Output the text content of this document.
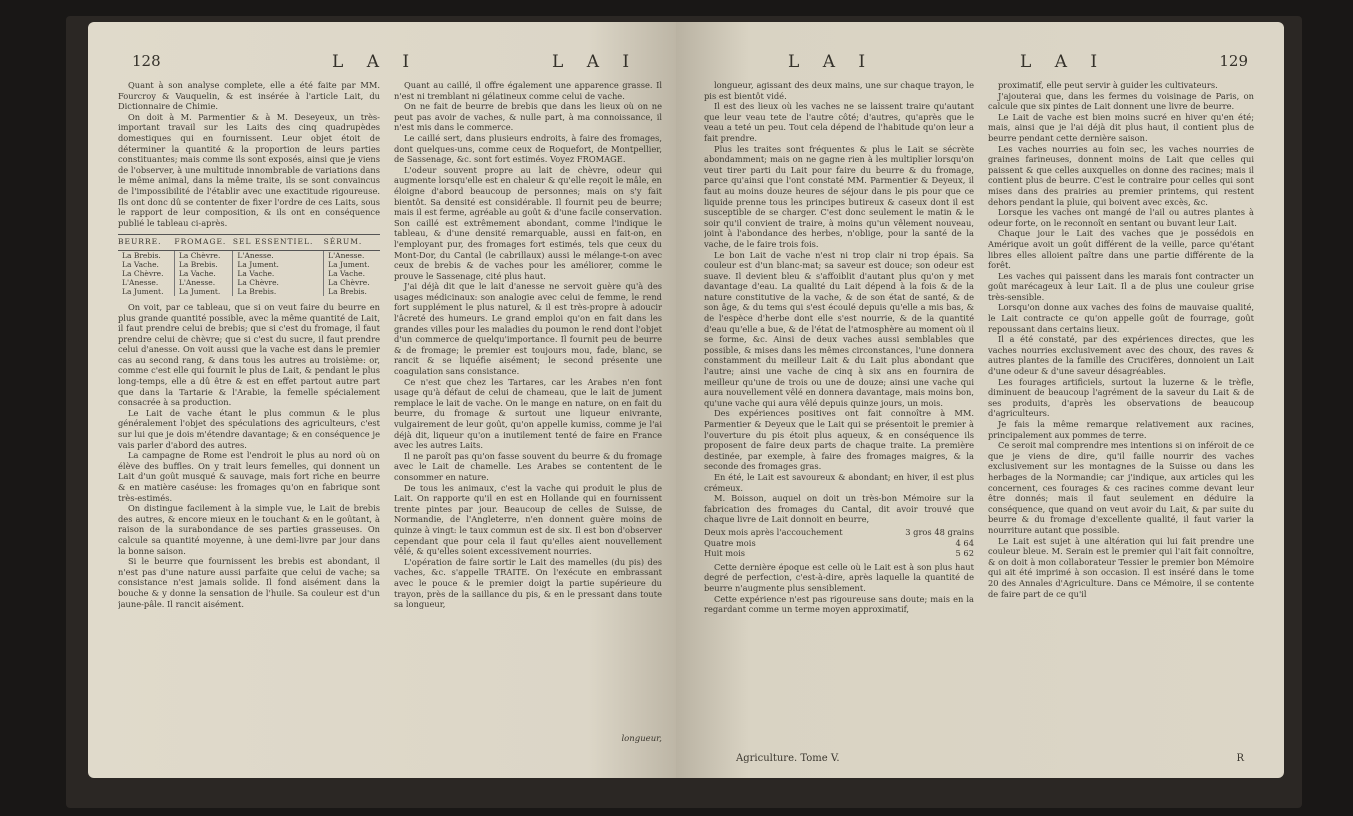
128	L A I	L A I

Quant à son analyse complete, elle a été faite par MM. Fourcroy & Vauquelin, & est insérée à l'article Lait, du Dictionnaire de Chimie.

On doit à M. Parmentier & à M. Deseyeux, un très-important travail sur les Laits des cinq quadrupèdes domestiques qui en fournissent. Leur objet étoit de déterminer la quantité & la proportion de leurs parties constituantes; mais comme ils sont exposés, ainsi que je viens de l'observer, à une multitude innombrable de variations dans le même animal, dans la même traite, ils se sont convaincus de l'impossibilité de l'établir avec une exactitude rigoureuse. Ils ont donc dû se contenter de fixer l'ordre de ces Laits, sous le rapport de leur composition, & ils ont en conséquence publié le tableau ci-après.

BEURRE.	FROMAGE.	SEL ESSENTIEL.	SÉRUM.
La Brebis.	La Chèvre.	L'Anesse.	L'Anesse.
La Vache.	La Brebis.	La Jument.	La Jument.
La Chèvre.	La Vache.	La Vache.	La Vache.
L'Anesse.	L'Anesse.	La Chèvre.	La Chèvre.
La Jument.	La Jument.	La Brebis.	La Brebis.

On voit, par ce tableau, que si on veut faire du beurre en plus grande quantité possible, avec la même quantité de Lait, il faut prendre celui de brebis; que si c'est du fromage, il faut prendre celui de chèvre; que si c'est du sucre, il faut prendre celui d'anesse. On voit aussi que la vache est dans le premier cas au second rang, & dans tous les autres au troisième: or, comme c'est elle qui fournit le plus de Lait, & pendant le plus long-temps, elle a dû être & est en effet partout autre part que dans la Tartarie & l'Arabie, la femelle spécialement consacrée à sa production.

Le Lait de vache étant le plus commun & le plus généralement l'objet des spéculations des agriculteurs, c'est sur lui que je dois m'étendre davantage; & en conséquence je vais parler d'abord des autres.

La campagne de Rome est l'endroit le plus au nord où on élève des buffles. On y trait leurs femelles, qui donnent un Lait d'un goût musqué & sauvage, mais fort riche en beurre & en matière caséuse: les fromages qu'on en fabrique sont très-estimés.

On distingue facilement à la simple vue, le Lait de brebis des autres, & encore mieux en le touchant & en le goûtant, à raison de la surabondance de ses parties grasseuses. On calcule sa quantité moyenne, à une demi-livre par jour dans la bonne saison.

Si le beurre que fournissent les brebis est abondant, il n'est pas d'une nature aussi parfaite que celui de vache; sa consistance n'est jamais solide. Il fond aisément dans la bouche & y donne la sensation de l'huile. Sa couleur est d'un jaune-pâle. Il rancit aisément.

Quant au caillé, il offre également une apparence grasse. Il n'est ni tremblant ni gélatineux comme celui de vache.

On ne fait de beurre de brebis que dans les lieux où on ne peut pas avoir de vaches, & nulle part, à ma connoissance, il n'est mis dans le commerce.

Le caillé sert, dans plusieurs endroits, à faire des fromages, dont quelques-uns, comme ceux de Roquefort, de Montpellier, de Sassenage, &c. sont fort estimés. Voyez FROMAGE.

L'odeur souvent propre au lait de chèvre, odeur qui augmente lorsqu'elle est en chaleur & qu'elle reçoit le mâle, en éloigne d'abord beaucoup de personnes; mais on s'y fait bientôt. Sa densité est considérable. Il fournit peu de beurre; mais il est ferme, agréable au goût & d'une facile conservation. Son caillé est extrêmement abondant, comme l'indique le tableau, & d'une densité remarquable, aussi en fait-on, en l'employant pur, des fromages fort estimés, tels que ceux du Mont-Dor, du Cantal (le cabrillaux) aussi le mélange-t-on avec ceux de brebis & de vaches pour les améliorer, comme le prouve le Sassenage, cité plus haut.

J'ai déjà dit que le lait d'anesse ne servoit guère qu'à des usages médicinaux: son analogie avec celui de femme, le rend fort supplément le plus naturel, & il est très-propre à adoucir l'âcreté des humeurs. Le grand emploi qu'on en fait dans les grandes villes pour les maladies du poumon le rend dont l'objet d'un commerce de quelqu'importance. Il fournit peu de beurre & de fromage; le premier est toujours mou, fade, blanc, se rancit & se liquéfie aisément; le second présente une coagulation sans consistance.

Ce n'est que chez les Tartares, car les Arabes n'en font usage qu'à défaut de celui de chameau, que le lait de jument remplace le lait de vache. On le mange en nature, on en fait du beurre, du fromage & surtout une liqueur enivrante, vulgairement de leur goût, qu'on appelle kumiss, comme je l'ai déjà dit, liqueur qu'on a inutilement tenté de faire en France avec les autres Laits.

Il ne paroît pas qu'on fasse souvent du beurre & du fromage avec le Lait de chamelle. Les Arabes se contentent de le consommer en nature.

De tous les animaux, c'est la vache qui produit le plus de Lait. On rapporte qu'il en est en Hollande qui en fournissent trente pintes par jour. Beaucoup de celles de Suisse, de Normandie, de l'Angleterre, n'en donnent guère moins de quinze à vingt: le taux commun est de six. Il est bon d'observer cependant que pour cela il faut qu'elles aient nouvellement vêlé, & qu'elles soient excessivement nourries.

L'opération de faire sortir le Lait des mamelles (du pis) des vaches, &c. s'appelle TRAITE. On l'exécute en embrassant avec le pouce & le premier doigt la partie supérieure du trayon, près de la saillance du pis, & en le pressant dans toute sa longueur,

longueur,
L A I	L A I	129

longueur, agissant des deux mains, une sur chaque trayon, le pis est bientôt vidé.

Il est des lieux où les vaches ne se laissent traire qu'autant que leur veau tete de l'autre côté; d'autres, qu'après que le veau a teté un peu. Tout cela dépend de l'habitude qu'on leur a fait prendre.

Plus les traites sont fréquentes & plus le Lait se sécrète abondamment; mais on ne gagne rien à les multiplier lorsqu'on veut tirer parti du Lait pour faire du beurre & du fromage, parce qu'ainsi que l'ont constaté MM. Parmentier & Deyeux, il faut au moins douze heures de séjour dans le pis pour que ce liquide prenne tous les principes butireux & caseux dont il est susceptible de se charger. C'est donc seulement le matin & le soir qu'il convient de traire, à moins qu'un vêlement nouveau, joint à l'abondance des herbes, n'oblige, pour la santé de la vache, de le faire trois fois.

Le bon Lait de vache n'est ni trop clair ni trop épais. Sa couleur est d'un blanc-mat; sa saveur est douce; son odeur est suave. Il devient bleu & s'affoiblit d'autant plus qu'on y met davantage d'eau. La qualité du Lait dépend à la fois & de la nature constitutive de la vache, & de son état de santé, & de son âge, & du tems qui s'est écoulé depuis qu'elle a mis bas, & de l'espèce d'herbe dont elle s'est nourrie, & de la quantité d'eau qu'elle a bue, & de l'état de l'atmosphère au moment où il se forme, &c. Ainsi de deux vaches aussi semblables que possible, & mises dans les mêmes circonstances, l'une donnera constamment du meilleur Lait & du Lait plus abondant que l'autre; ainsi une vache de cinq à six ans en fournira de meilleur qu'une de trois ou une de douze; ainsi une vache qui aura nouvellement vêlé en donnera davantage, mais moins bon, qu'une vache qui aura vêlé depuis quinze jours, un mois.

Des expériences positives ont fait connoître à MM. Parmentier & Deyeux que le Lait qui se présentoit le premier à l'ouverture du pis étoit plus aqueux, & en conséquence ils proposent de faire deux parts de chaque traite. La première destinée, par exemple, à faire des fromages maigres, & la seconde des fromages gras.

En été, le Lait est savoureux & abondant; en hiver, il est plus crémeux.

M. Boisson, auquel on doit un très-bon Mémoire sur la fabrication des fromages du Cantal, dit avoir trouvé que chaque livre de Lait donnoit en beurre,

Deux mois après l'accouchement	3 gros 48 grains
Quatre mois	4 64
Huit mois	5 62

Cette dernière époque est celle où le Lait est à son plus haut degré de perfection, c'est-à-dire, après laquelle la quantité de beurre n'augmente plus sensiblement.

Cette expérience n'est pas rigoureuse sans doute; mais en la regardant comme un terme moyen approximatif,

proximatif, elle peut servir à guider les cultivateurs.

J'ajouterai que, dans les fermes du voisinage de Paris, on calcule que six pintes de Lait donnent une livre de beurre.

Le Lait de vache est bien moins sucré en hiver qu'en été; mais, ainsi que je l'ai déjà dit plus haut, il contient plus de beurre pendant cette dernière saison.

Les vaches nourries au foin sec, les vaches nourries de graines farineuses, donnent moins de Lait que celles qui paissent & que celles auxquelles on donne des racines; mais il contient plus de beurre. C'est le contraire pour celles qui sont mises dans des prairies au premier printems, qui restent dehors pendant la pluie, qui boivent avec excès, &c.

Lorsque les vaches ont mangé de l'ail ou autres plantes à odeur forte, on le reconnoît en sentant ou buvant leur Lait.

Chaque jour le Lait des vaches que je possédois en Amérique avoit un goût différent de la veille, parce qu'étant libres elles alloient paître dans une partie différente de la forêt.

Les vaches qui paissent dans les marais font contracter un goût marécageux à leur Lait. Il a de plus une couleur grise très-sensible.

Lorsqu'on donne aux vaches des foins de mauvaise qualité, le Lait contracte ce qu'on appelle goût de fourrage, goût repoussant dans certains lieux.

Il a été constaté, par des expériences directes, que les vaches nourries exclusivement avec des choux, des raves & autres plantes de la famille des Crucifères, donnoient un Lait d'une odeur & d'une saveur désagréables.

Les fourages artificiels, surtout la luzerne & le trèfle, diminuent de beaucoup l'agrément de la saveur du Lait & de ses produits, d'après les observations de beaucoup d'agriculteurs.

Je fais la même remarque relativement aux racines, principalement aux pommes de terre.

Ce seroit mal comprendre mes intentions si on inféroit de ce que je viens de dire, qu'il faille nourrir des vaches exclusivement sur les montagnes de la Suisse ou dans les herbages de la Normandie; car j'indique, aux articles qui les concernent, ces fourages & ces racines comme devant leur être donnés; mais il faut seulement en déduire la conséquence, que quand on veut avoir du Lait, & par suite du beurre & du fromage d'excellente qualité, il faut varier la nourriture autant que possible.

Le Lait est sujet à une altération qui lui fait prendre une couleur bleue. M. Serain est le premier qui l'ait fait connoître, & on doit à mon collaborateur Tessier le premier bon Mémoire qui ait été imprimé à son occasion. Il est inséré dans le tome 20 des Annales d'Agriculture. Dans ce Mémoire, il se contente de faire part de ce qu'il

Agriculture. Tome V.	R
